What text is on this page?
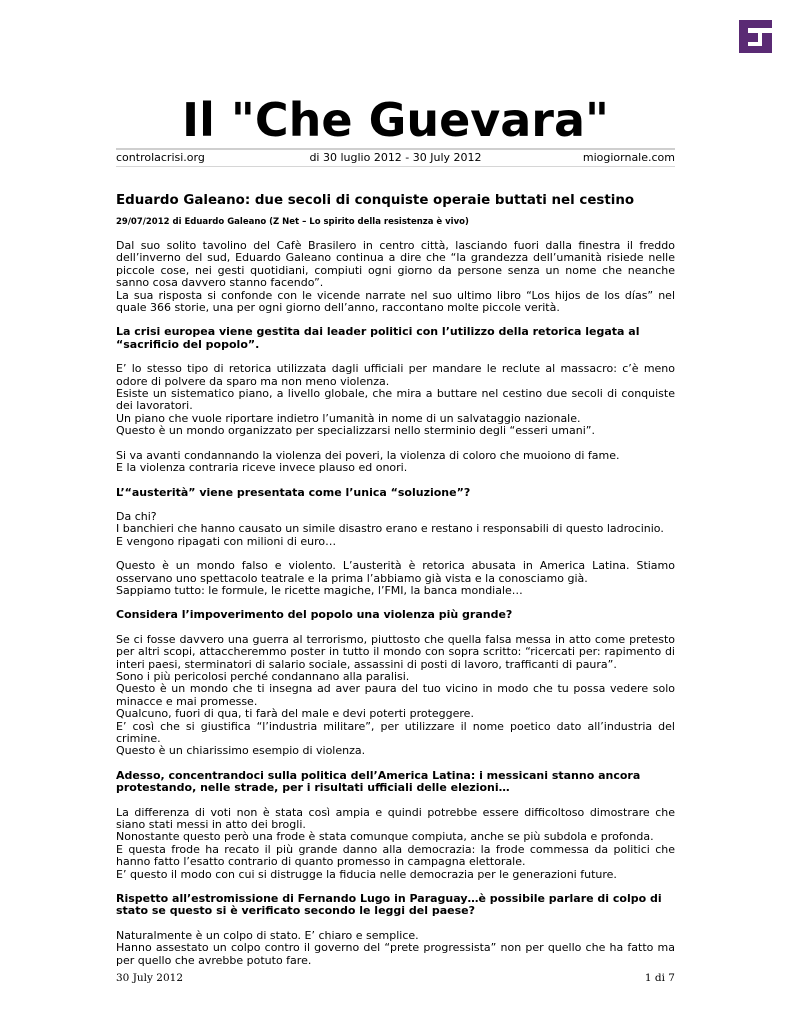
Il "Che Guevara"
controlacrisi.org	di 30 luglio 2012 - 30 July 2012	miogiornale.com
Eduardo Galeano: due secoli di conquiste operaie buttati nel cestino
29/07/2012 di Eduardo Galeano (Z Net – Lo spirito della resistenza è vivo)

Dal suo solito tavolino del Cafè Brasilero in centro città, lasciando fuori dalla finestra il freddo dell’inverno del sud, Eduardo Galeano continua a dire che “la grandezza dell’umanità risiede nelle piccole cose, nei gesti quotidiani, compiuti ogni giorno da persone senza un nome che neanche sanno cosa davvero stanno facendo”.

La sua risposta si confonde con le vicende narrate nel suo ultimo libro “Los hijos de los días” nel quale 366 storie, una per ogni giorno dell’anno, raccontano molte piccole verità.

La crisi europea viene gestita dai leader politici con l’utilizzo della retorica legata al “sacrificio del popolo”.

E’ lo stesso tipo di retorica utilizzata dagli ufficiali per mandare le reclute al massacro: c’è meno odore di polvere da sparo ma non meno violenza.

Esiste un sistematico piano, a livello globale, che mira a buttare nel cestino due secoli di conquiste dei lavoratori.

Un piano che vuole riportare indietro l’umanità in nome di un salvataggio nazionale.

Questo è un mondo organizzato per specializzarsi nello sterminio degli “esseri umani”.

Si va avanti condannando la violenza dei poveri, la violenza di coloro che muoiono di fame.

E la violenza contraria riceve invece plauso ed onori.

L’“austerità” viene presentata come l’unica “soluzione”?

Da chi?

I banchieri che hanno causato un simile disastro erano e restano i responsabili di questo ladrocinio.

E vengono ripagati con milioni di euro…

Questo è un mondo falso e violento. L’austerità è retorica abusata in America Latina. Stiamo osservano uno spettacolo teatrale e la prima l’abbiamo già vista e la conosciamo già.

Sappiamo tutto: le formule, le ricette magiche, l’FMI, la banca mondiale…

Considera l’impoverimento del popolo una violenza più grande?

Se ci fosse davvero una guerra al terrorismo, piuttosto che quella falsa messa in atto come pretesto per altri scopi, attaccheremmo poster in tutto il mondo con sopra scritto: “ricercati per: rapimento di interi paesi, sterminatori di salario sociale, assassini di posti di lavoro, trafficanti di paura”.

Sono i più pericolosi perché condannano alla paralisi.

Questo è un mondo che ti insegna ad aver paura del tuo vicino in modo che tu possa vedere solo minacce e mai promesse.

Qualcuno, fuori di qua, ti farà del male e devi poterti proteggere.

E’ così che si giustifica “l’industria militare”, per utilizzare il nome poetico dato all’industria del crimine.

Questo è un chiarissimo esempio di violenza.

Adesso, concentrandoci sulla politica dell’America Latina: i messicani stanno ancora protestando, nelle strade, per i risultati ufficiali delle elezioni…

La differenza di voti non è stata così ampia e quindi potrebbe essere difficoltoso dimostrare che siano stati messi in atto dei brogli.

Nonostante questo però una frode è stata comunque compiuta, anche se più subdola e profonda.

E questa frode ha recato il più grande danno alla democrazia: la frode commessa da politici che hanno fatto l’esatto contrario di quanto promesso in campagna elettorale.

E’ questo il modo con cui si distrugge la fiducia nelle democrazia per le generazioni future.

Rispetto all’estromissione di Fernando Lugo in Paraguay…è possibile parlare di colpo di stato se questo si è verificato secondo le leggi del paese?

Naturalmente è un colpo di stato. E’ chiaro e semplice.

Hanno assestato un colpo contro il governo del “prete progressista” non per quello che ha fatto ma per quello che avrebbe potuto fare.

30 July 2012	1 di 7
